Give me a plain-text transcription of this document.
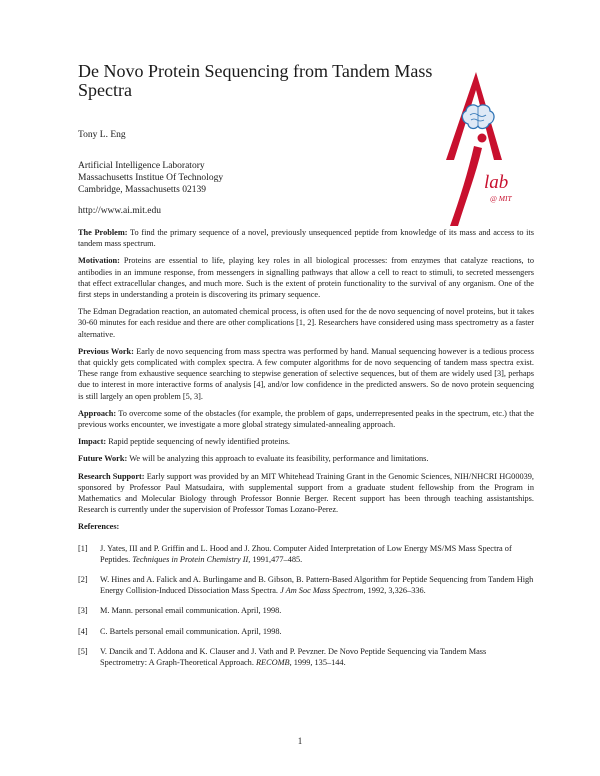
De Novo Protein Sequencing from Tandem Mass Spectra
Tony L. Eng
Artificial Intelligence Laboratory
Massachusetts Institue Of Technology
Cambridge, Massachusetts 02139
http://www.ai.mit.edu
lab
@ MIT

The Problem: To find the primary sequence of a novel, previously unsequenced peptide from knowledge of its mass and access to its tandem mass spectrum.

Motivation: Proteins are essential to life, playing key roles in all biological processes: from enzymes that catalyze reactions, to antibodies in an immune response, from messengers in signalling pathways that allow a cell to react to stimuli, to secreted messengers that effect extracellular changes, and much more. Such is the extent of protein functionality to the survival of any organism. One of the first steps in understanding a protein is discovering its primary sequence.

The Edman Degradation reaction, an automated chemical process, is often used for the de novo sequencing of novel proteins, but it takes 30-60 minutes for each residue and there are other complications [1, 2]. Researchers have considered using mass spectrometry as a faster alternative.

Previous Work: Early de novo sequencing from mass spectra was performed by hand. Manual sequencing however is a tedious process that quickly gets complicated with complex spectra. A few computer algorithms for de novo sequencing of tandem mass spectra exist. These range from exhaustive sequence searching to stepwise generation of selective sequences, but of them are widely used [3], perhaps due to interest in more interactive forms of analysis [4], and/or low confidence in the predicted answers. So de novo protein sequencing is still largely an open problem [5, 3].

Approach: To overcome some of the obstacles (for example, the problem of gaps, underrepresented peaks in the spectrum, etc.) that the previous works encounter, we investigate a more global strategy simulated-annealing approach.

Impact: Rapid peptide sequencing of newly identified proteins.

Future Work: We will be analyzing this approach to evaluate its feasibility, performance and limitations.

Research Support: Early support was provided by an MIT Whitehead Training Grant in the Genomic Sciences, NIH/NHCRI HG00039, sponsored by Professor Paul Matsudaira, with supplemental support from a graduate student fellowship from the Program in Mathematics and Molecular Biology through Professor Bonnie Berger. Recent support has been through teaching assistantships. Research is currently under the supervision of Professor Tomas Lozano-Perez.

References:
[1]	J. Yates, III and P. Griffin and L. Hood and J. Zhou. Computer Aided Interpretation of Low Energy MS/MS Mass Spectra of Peptides. Techniques in Protein Chemistry II, 1991,477–485.
[2]	W. Hines and A. Falick and A. Burlingame and B. Gibson, B. Pattern-Based Algorithm for Peptide Sequencing from Tandem High Energy Collision-Induced Dissociation Mass Spectra. J Am Soc Mass Spectrom, 1992, 3,326–336.
[3]	M. Mann. personal email communication. April, 1998.
[4]	C. Bartels personal email communication. April, 1998.
[5]	V. Dancik and T. Addona and K. Clauser and J. Vath and P. Pevzner. De Novo Peptide Sequencing via Tandem Mass Spectrometry: A Graph-Theoretical Approach. RECOMB, 1999, 135–144.
1
